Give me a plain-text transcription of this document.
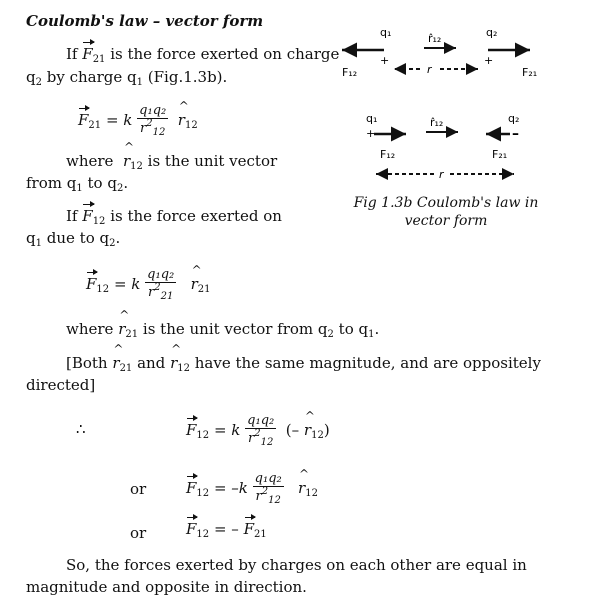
Coulomb's law – vector form
If $F_{21}$ is the force exerted on charge
$q_2$ by charge $q_1$ (Fig.1.3b).
$F_{21} = k \frac{\text{q₁q₂}}{r^2_{12}}$ ^ $r_{12}$
where ^ $r_{12}$ is the unit vector
from $q_1$ to $q_2$.
If $F_{12}$ is the force exerted on
$q_1$ due to $q_2$.
$F_{12} = k \frac{\text{q₁q₂}}{r^2_{21}}$ ^ $r_{21}$
where ^ $r_{21}$ is the unit vector from $q_2$ to $q_1$.
[Both ^ $r_{21}$ and ^ $r_{12}$ have the same magnitude, and are oppositely
directed]
∴	$F_{12} = k \frac{\text{q₁q₂}}{r^2_{12}}$ (– ^ $r_{12}$)
or	$F_{12} = -k \frac{\text{q₁q₂}}{r^2_{12}}$ ^ $r_{12}$
or	$F_{12}$ = – $F_{21}$
So, the forces exerted by charges on each other are equal in
magnitude and opposite in direction.
q₁	q₂
r̂₁₂
+	+
r
F₁₂	F₂₁
q₁	q₂
r̂₁₂
+	–
F₁₂	F₂₁
r
Fig 1.3b Coulomb's law in
vector form
